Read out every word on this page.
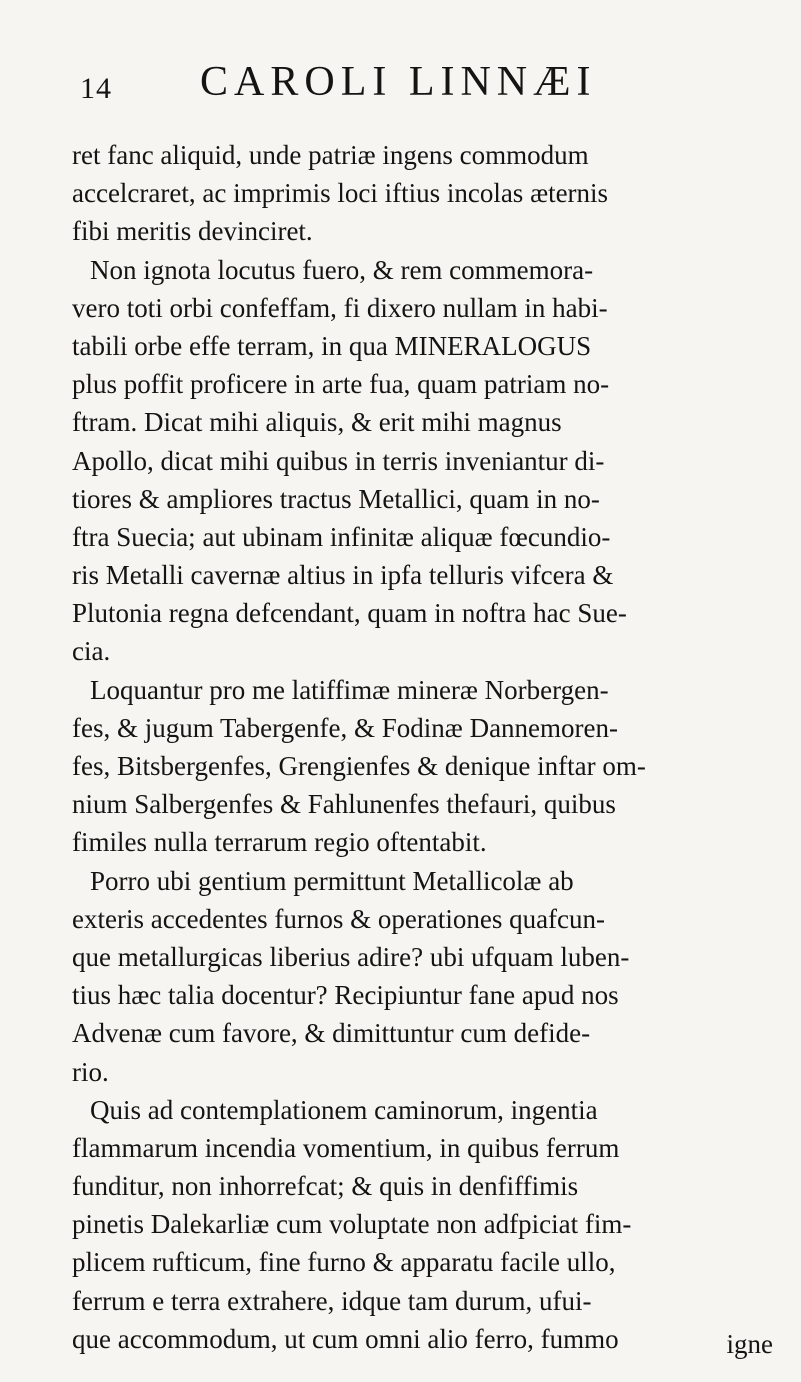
14 CAROLI LINNÆI
ret fanc aliquid, unde patriæ ingens commodum
accelcraret, ac imprimis loci iftius incolas æternis
fibi meritis devinciret.
Non ignota locutus fuero, & rem commemora-
vero toti orbi confeffam, fi dixero nullam in habi-
tabili orbe effe terram, in qua MINERALOGUS
plus poffit proficere in arte fua, quam patriam no-
ftram. Dicat mihi aliquis, & erit mihi magnus
Apollo, dicat mihi quibus in terris inveniantur di-
tiores & ampliores tractus Metallici, quam in no-
ftra Suecia; aut ubinam infinitæ aliquæ fœcundio-
ris Metalli cavernæ altius in ipfa telluris vifcera &
Plutonia regna defcendant, quam in noftra hac Sue-
cia.
Loquantur pro me latiffimæ mineræ Norbergen-
fes, & jugum Tabergenfe, & Fodinæ Dannemoren-
fes, Bitsbergenfes, Grengienfes & denique inftar om-
nium Salbergenfes & Fahlunenfes thefauri, quibus
fimiles nulla terrarum regio oftentabit.
Porro ubi gentium permittunt Metallicolæ ab
exteris accedentes furnos & operationes quafcun-
que metallurgicas liberius adire? ubi ufquam luben-
tius hæc talia docentur? Recipiuntur fane apud nos
Advenæ cum favore, & dimittuntur cum defide-
rio.
Quis ad contemplationem caminorum, ingentia
flammarum incendia vomentium, in quibus ferrum
funditur, non inhorrefcat; & quis in denfiffimis
pinetis Dalekarliæ cum voluptate non adfpiciat fim-
plicem rufticum, fine furno & apparatu facile ullo,
ferrum e terra extrahere, idque tam durum, ufui-
que accommodum, ut cum omni alio ferro, fummo	igne
